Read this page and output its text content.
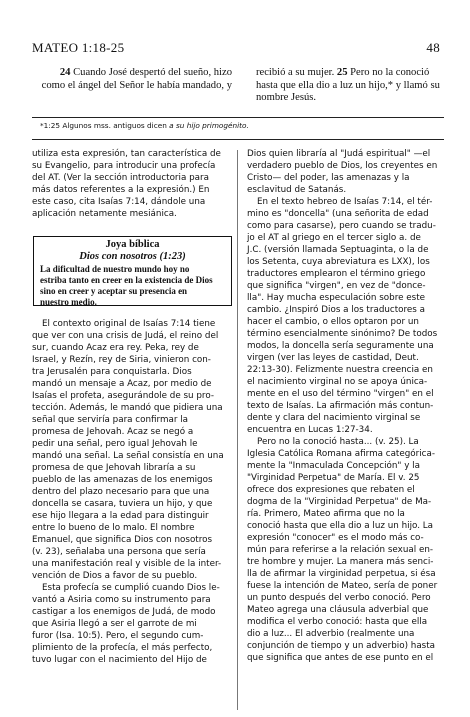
MATEO 1:18-25	48
24 Cuando José despertó del sueño, hizo
como el ángel del Señor le había mandado, y
recibió a su mujer. 25 Pero no la conoció
hasta que ella dio a luz un hijo,* y llamó su
nombre Jesús.
*1:25 Algunos mss. antiguos dicen a su hijo primogénito.
utiliza esta expresión, tan característica de
su Evangelio, para introducir una profecía
del AT. (Ver la sección introductoria para
más datos referentes a la expresión.) En
este caso, cita Isaías 7:14, dándole una
aplicación netamente mesiánica.
Joya bíblica
Dios con nosotros (1:23)
La dificultad de nuestro mundo hoy no
estriba tanto en creer en la existencia de Dios
sino en creer y aceptar su presencia en
nuestro medio.
El contexto original de Isaías 7:14 tiene
que ver con una crisis de Judá, el reino del
sur, cuando Acaz era rey. Peka, rey de
Israel, y Rezín, rey de Siria, vinieron con-
tra Jerusalén para conquistarla. Dios
mandó un mensaje a Acaz, por medio de
Isaías el profeta, asegurándole de su pro-
tección. Además, le mandó que pidiera una
señal que serviría para confirmar la
promesa de Jehovah. Acaz se negó a
pedir una señal, pero igual Jehovah le
mandó una señal. La señal consistía en una
promesa de que Jehovah libraría a su
pueblo de las amenazas de los enemigos
dentro del plazo necesario para que una
doncella se casara, tuviera un hijo, y que
ese hijo llegara a la edad para distinguir
entre lo bueno de lo malo. El nombre
Emanuel, que significa Dios con nosotros
(v. 23), señalaba una persona que sería
una manifestación real y visible de la inter-
vención de Dios a favor de su pueblo.
Esta profecía se cumplió cuando Dios le-
vantó a Asiria como su instrumento para
castigar a los enemigos de Judá, de modo
que Asiria llegó a ser el garrote de mi
furor (Isa. 10:5). Pero, el segundo cum-
plimiento de la profecía, el más perfecto,
tuvo lugar con el nacimiento del Hijo de
Dios quien libraría al "Judá espiritual" —el
verdadero pueblo de Dios, los creyentes en
Cristo— del poder, las amenazas y la
esclavitud de Satanás.
En el texto hebreo de Isaías 7:14, el tér-
mino es "doncella" (una señorita de edad
como para casarse), pero cuando se tradu-
jo el AT al griego en el tercer siglo a. de
J.C. (versión llamada Septuaginta, o la de
los Setenta, cuya abreviatura es LXX), los
traductores emplearon el término griego
que significa "virgen", en vez de "donce-
lla". Hay mucha especulación sobre este
cambio. ¿Inspiró Dios a los traductores a
hacer el cambio, o ellos optaron por un
término esencialmente sinónimo? De todos
modos, la doncella sería seguramente una
virgen (ver las leyes de castidad, Deut.
22:13-30). Felizmente nuestra creencia en
el nacimiento virginal no se apoya única-
mente en el uso del término "virgen" en el
texto de Isaías. La afirmación más contun-
dente y clara del nacimiento virginal se
encuentra en Lucas 1:27-34.
Pero no la conoció hasta... (v. 25). La
Iglesia Católica Romana afirma categórica-
mente la "Inmaculada Concepción" y la
"Virginidad Perpetua" de María. El v. 25
ofrece dos expresiones que rebaten el
dogma de la "Virginidad Perpetua" de Ma-
ría. Primero, Mateo afirma que no la
conoció hasta que ella dio a luz un hijo. La
expresión "conocer" es el modo más co-
mún para referirse a la relación sexual en-
tre hombre y mujer. La manera más senci-
lla de afirmar la virginidad perpetua, si ésa
fuese la intención de Mateo, sería de poner
un punto después del verbo conoció. Pero
Mateo agrega una cláusula adverbial que
modifica el verbo conoció: hasta que ella
dio a luz... El adverbio (realmente una
conjunción de tiempo y un adverbio) hasta
que significa que antes de ese punto en el
